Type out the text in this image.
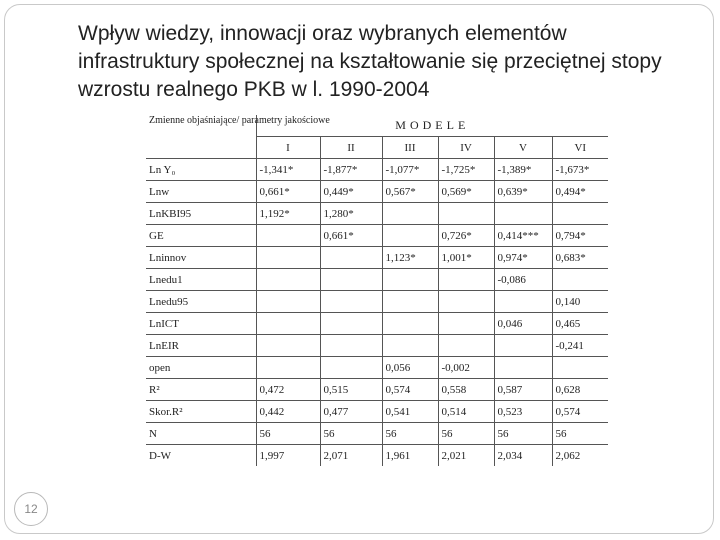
Wpływ wiedzy, innowacji oraz wybranych elementów infrastruktury społecznej na kształtowanie się przeciętnej stopy wzrostu realnego PKB w l. 1990-2004
Zmienne objaśniające/ parametry jakościowe	MODELE					
	I	II	III	IV	V	VI
Ln Y₀	-1,341*	-1,877*	-1,077*	-1,725*	-1,389*	-1,673*
Lnw	0,661*	0,449*	0,567*	0,569*	0,639*	0,494*
LnKBI95	1,192*	1,280*				
GE		0,661*		0,726*	0,414***	0,794*
Lninnov			1,123*	1,001*	0,974*	0,683*
Lnedu1					-0,086	
Lnedu95						0,140
LnICT					0,046	0,465
LnEIR						-0,241
open			0,056	-0,002		
R²	0,472	0,515	0,574	0,558	0,587	0,628
Skor.R²	0,442	0,477	0,541	0,514	0,523	0,574
N	56	56	56	56	56	56
D-W	1,997	2,071	1,961	2,021	2,034	2,062
12
